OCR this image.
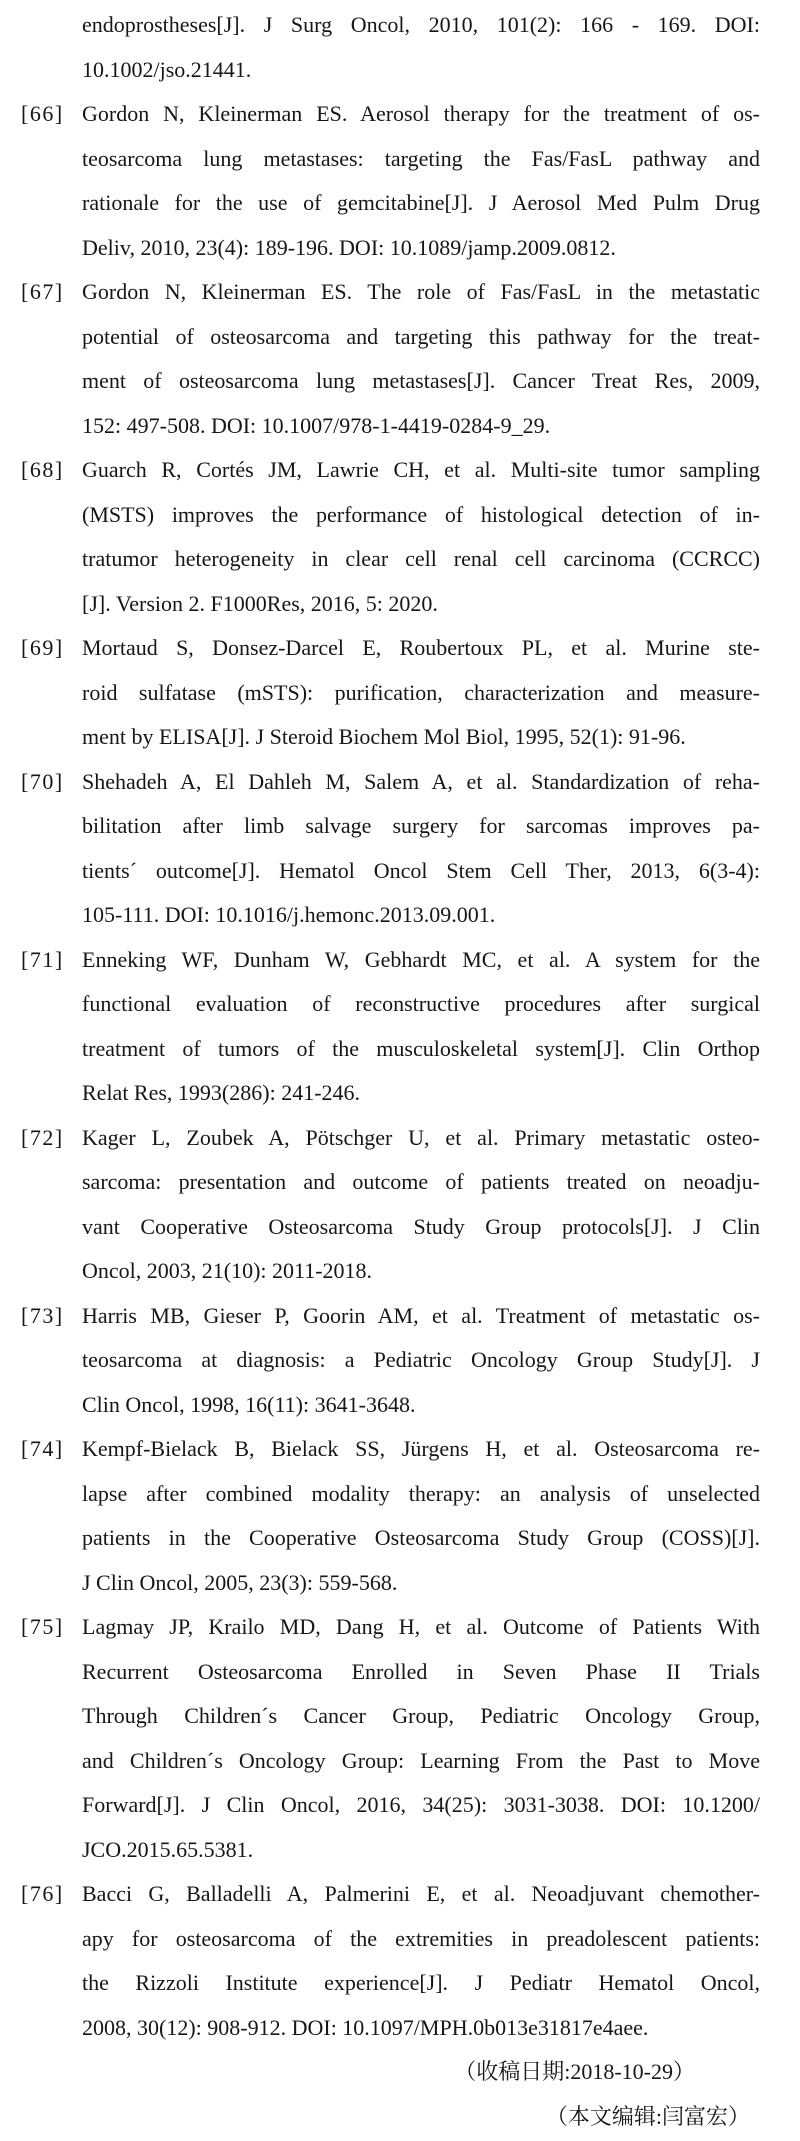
endoprostheses[J]. J Surg Oncol, 2010, 101(2): 166 - 169. DOI:
10.1002/jso.21441.
[66] Gordon N, Kleinerman ES. Aerosol therapy for the treatment of os-
teosarcoma lung metastases: targeting the Fas/FasL pathway and
rationale for the use of gemcitabine[J]. J Aerosol Med Pulm Drug
Deliv, 2010, 23(4): 189-196. DOI: 10.1089/jamp.2009.0812.
[67] Gordon N, Kleinerman ES. The role of Fas/FasL in the metastatic
potential of osteosarcoma and targeting this pathway for the treat-
ment of osteosarcoma lung metastases[J]. Cancer Treat Res, 2009,
152: 497-508. DOI: 10.1007/978-1-4419-0284-9_29.
[68] Guarch R, Cortés JM, Lawrie CH, et al. Multi-site tumor sampling
(MSTS) improves the performance of histological detection of in-
tratumor heterogeneity in clear cell renal cell carcinoma (CCRCC)
[J]. Version 2. F1000Res, 2016, 5: 2020.
[69] Mortaud S, Donsez-Darcel E, Roubertoux PL, et al. Murine ste-
roid sulfatase (mSTS): purification, characterization and measure-
ment by ELISA[J]. J Steroid Biochem Mol Biol, 1995, 52(1): 91-96.
[70] Shehadeh A, El Dahleh M, Salem A, et al. Standardization of reha-
bilitation after limb salvage surgery for sarcomas improves pa-
tients´ outcome[J]. Hematol Oncol Stem Cell Ther, 2013, 6(3-4):
105-111. DOI: 10.1016/j.hemonc.2013.09.001.
[71] Enneking WF, Dunham W, Gebhardt MC, et al. A system for the
functional evaluation of reconstructive procedures after surgical
treatment of tumors of the musculoskeletal system[J]. Clin Orthop
Relat Res, 1993(286): 241-246.
[72] Kager L, Zoubek A, Pötschger U, et al. Primary metastatic osteo-
sarcoma: presentation and outcome of patients treated on neoadju-
vant Cooperative Osteosarcoma Study Group protocols[J]. J Clin
Oncol, 2003, 21(10): 2011-2018.
[73] Harris MB, Gieser P, Goorin AM, et al. Treatment of metastatic os-
teosarcoma at diagnosis: a Pediatric Oncology Group Study[J]. J
Clin Oncol, 1998, 16(11): 3641-3648.
[74] Kempf-Bielack B, Bielack SS, Jürgens H, et al. Osteosarcoma re-
lapse after combined modality therapy: an analysis of unselected
patients in the Cooperative Osteosarcoma Study Group (COSS)[J].
J Clin Oncol, 2005, 23(3): 559-568.
[75] Lagmay JP, Krailo MD, Dang H, et al. Outcome of Patients With
Recurrent Osteosarcoma Enrolled in Seven Phase II Trials
Through Children´s Cancer Group, Pediatric Oncology Group,
and Children´s Oncology Group: Learning From the Past to Move
Forward[J]. J Clin Oncol, 2016, 34(25): 3031-3038. DOI: 10.1200/
JCO.2015.65.5381.
[76] Bacci G, Balladelli A, Palmerini E, et al. Neoadjuvant chemother-
apy for osteosarcoma of the extremities in preadolescent patients:
the Rizzoli Institute experience[J]. J Pediatr Hematol Oncol,
2008, 30(12): 908-912. DOI: 10.1097/MPH.0b013e31817e4aee.
（收稿日期:2018-10-29）
（本文编辑:闫富宏）
